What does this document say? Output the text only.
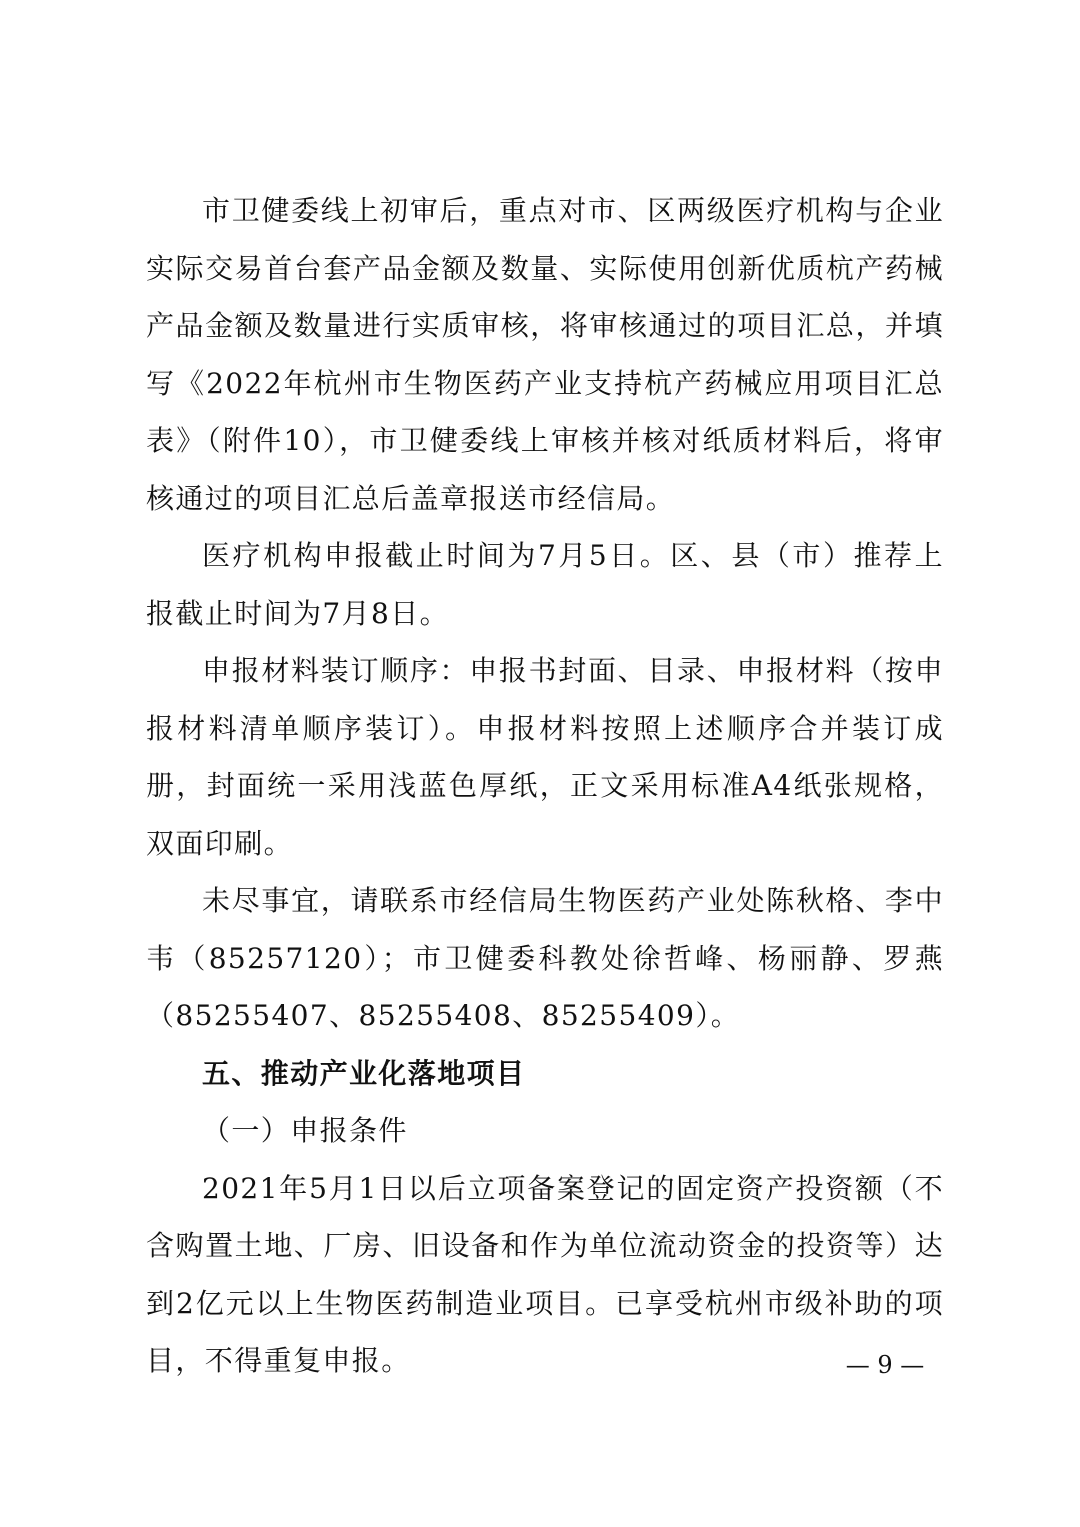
市卫健委线上初审后，重点对市、区两级医疗机构与企业实际交易首台套产品金额及数量、实际使用创新优质杭产药械产品金额及数量进行实质审核，将审核通过的项目汇总，并填写《2022年杭州市生物医药产业支持杭产药械应用项目汇总表》（附件10），市卫健委线上审核并核对纸质材料后，将审核通过的项目汇总后盖章报送市经信局。

医疗机构申报截止时间为7月5日。区、县（市）推荐上报截止时间为7月8日。

申报材料装订顺序：申报书封面、目录、申报材料（按申报材料清单顺序装订）。申报材料按照上述顺序合并装订成册，封面统一采用浅蓝色厚纸，正文采用标准A4纸张规格，双面印刷。

未尽事宜，请联系市经信局生物医药产业处陈秋格、李中韦（85257120）；市卫健委科教处徐哲峰、杨丽静、罗燕（85255407、85255408、85255409）。

五、推动产业化落地项目

（一）申报条件

2021年5月1日以后立项备案登记的固定资产投资额（不含购置土地、厂房、旧设备和作为单位流动资金的投资等）达到2亿元以上生物医药制造业项目。已享受杭州市级补助的项目，不得重复申报。	— 9 —
